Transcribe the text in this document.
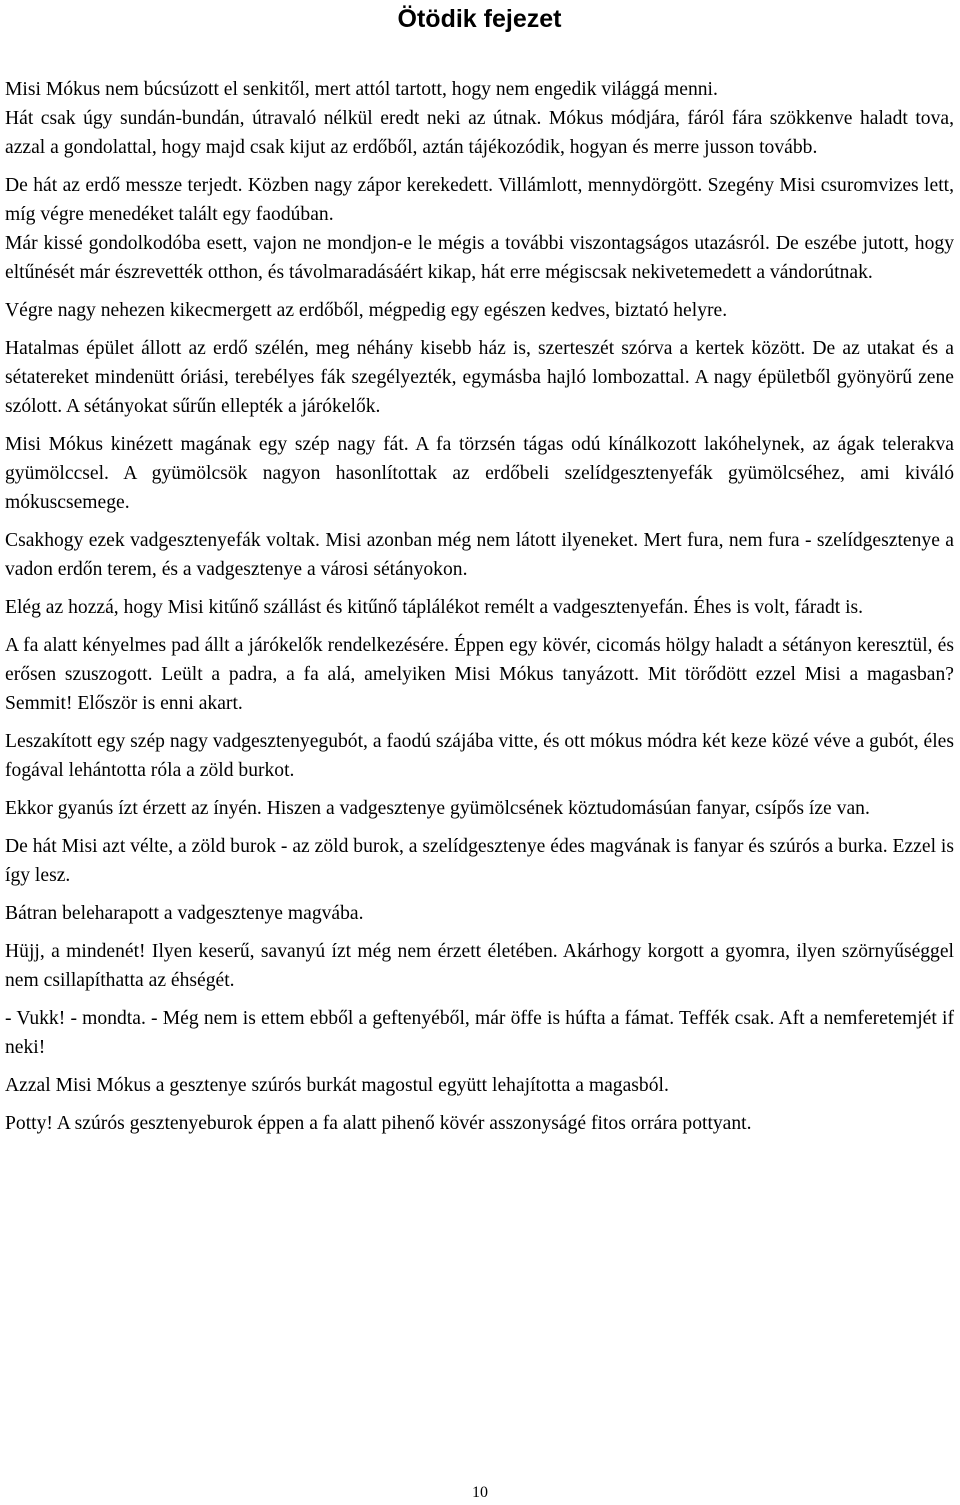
Ötödik fejezet

Misi Mókus nem búcsúzott el senkitől, mert attól tartott, hogy nem engedik világgá menni.

Hát csak úgy sundán-bundán, útravaló nélkül eredt neki az útnak. Mókus módjára, fáról fára szökkenve haladt tova, azzal a gondolattal, hogy majd csak kijut az erdőből, aztán tájékozódik, hogyan és merre jusson tovább.

De hát az erdő messze terjedt. Közben nagy zápor kerekedett. Villámlott, mennydörgött. Szegény Misi csuromvizes lett, míg végre menedéket talált egy faodúban.

Már kissé gondolkodóba esett, vajon ne mondjon-e le mégis a további viszontagságos utazásról. De eszébe jutott, hogy eltűnését már észrevették otthon, és távolmaradásáért kikap, hát erre mégiscsak nekivetemedett a vándorútnak.

Végre nagy nehezen kikecmergett az erdőből, mégpedig egy egészen kedves, biztató helyre.

Hatalmas épület állott az erdő szélén, meg néhány kisebb ház is, szerteszét szórva a kertek között. De az utakat és a sétatereket mindenütt óriási, terebélyes fák szegélyezték, egymásba hajló lombozattal. A nagy épületből gyönyörű zene szólott. A sétányokat sűrűn ellepték a járókelők.

Misi Mókus kinézett magának egy szép nagy fát. A fa törzsén tágas odú kínálkozott lakóhelynek, az ágak telerakva gyümölccsel. A gyümölcsök nagyon hasonlítottak az erdőbeli szelídgesztenyefák gyümölcséhez, ami kiváló mókuscsemege.

Csakhogy ezek vadgesztenyefák voltak. Misi azonban még nem látott ilyeneket. Mert fura, nem fura - szelídgesztenye a vadon erdőn terem, és a vadgesztenye a városi sétányokon.

Elég az hozzá, hogy Misi kitűnő szállást és kitűnő táplálékot remélt a vadgesztenyefán. Éhes is volt, fáradt is.

A fa alatt kényelmes pad állt a járókelők rendelkezésére. Éppen egy kövér, cicomás hölgy haladt a sétányon keresztül, és erősen szuszogott. Leült a padra, a fa alá, amelyiken Misi Mókus tanyázott. Mit törődött ezzel Misi a magasban? Semmit! Először is enni akart.

Leszakított egy szép nagy vadgesztenyegubót, a faodú szájába vitte, és ott mókus módra két keze közé véve a gubót, éles fogával lehántotta róla a zöld burkot.

Ekkor gyanús ízt érzett az ínyén. Hiszen a vadgesztenye gyümölcsének köztudomásúan fanyar, csípős íze van.

De hát Misi azt vélte, a zöld burok - az zöld burok, a szelídgesztenye édes magvának is fanyar és szúrós a burka. Ezzel is így lesz.

Bátran beleharapott a vadgesztenye magvába.

Hüjj, a mindenét! Ilyen keserű, savanyú ízt még nem érzett életében. Akárhogy korgott a gyomra, ilyen szörnyűséggel nem csillapíthatta az éhségét.

- Vukk! - mondta. - Még nem is ettem ebből a geftenyéből, már öffe is húfta a fámat. Teffék csak. Aft a nemferetemjét if neki!

Azzal Misi Mókus a gesztenye szúrós burkát magostul együtt lehajította a magasból.

Potty! A szúrós gesztenyeburok éppen a fa alatt pihenő kövér asszonyságé fitos orrára pottyant.

10
